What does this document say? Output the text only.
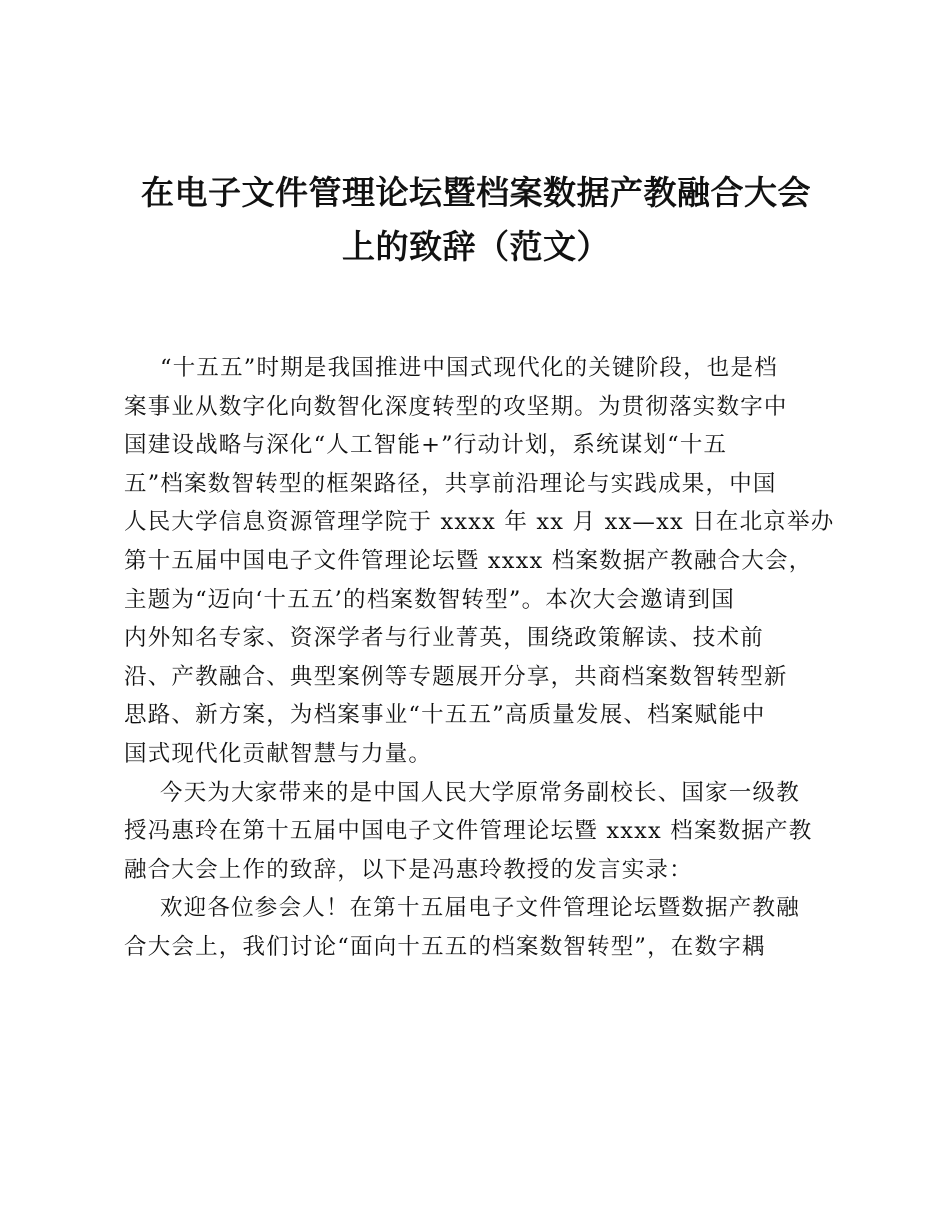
在电子文件管理论坛暨档案数据产教融合大会
上的致辞（范文）
“十五五”时期是我国推进中国式现代化的关键阶段，也是档
案事业从数字化向数智化深度转型的攻坚期。为贯彻落实数字中
国建设战略与深化“人工智能+”行动计划，系统谋划“十五
五”档案数智转型的框架路径，共享前沿理论与实践成果，中国
人民大学信息资源管理学院于 xxxx 年 xx 月 xx—xx 日在北京举办
第十五届中国电子文件管理论坛暨 xxxx 档案数据产教融合大会，
主题为“迈向‘十五五’的档案数智转型”。本次大会邀请到国
内外知名专家、资深学者与行业菁英，围绕政策解读、技术前
沿、产教融合、典型案例等专题展开分享，共商档案数智转型新
思路、新方案，为档案事业“十五五”高质量发展、档案赋能中
国式现代化贡献智慧与力量。
今天为大家带来的是中国人民大学原常务副校长、国家一级教
授冯惠玲在第十五届中国电子文件管理论坛暨 xxxx 档案数据产教
融合大会上作的致辞，以下是冯惠玲教授的发言实录：
欢迎各位参会人！在第十五届电子文件管理论坛暨数据产教融
合大会上，我们讨论“面向十五五的档案数智转型”，在数字耦
